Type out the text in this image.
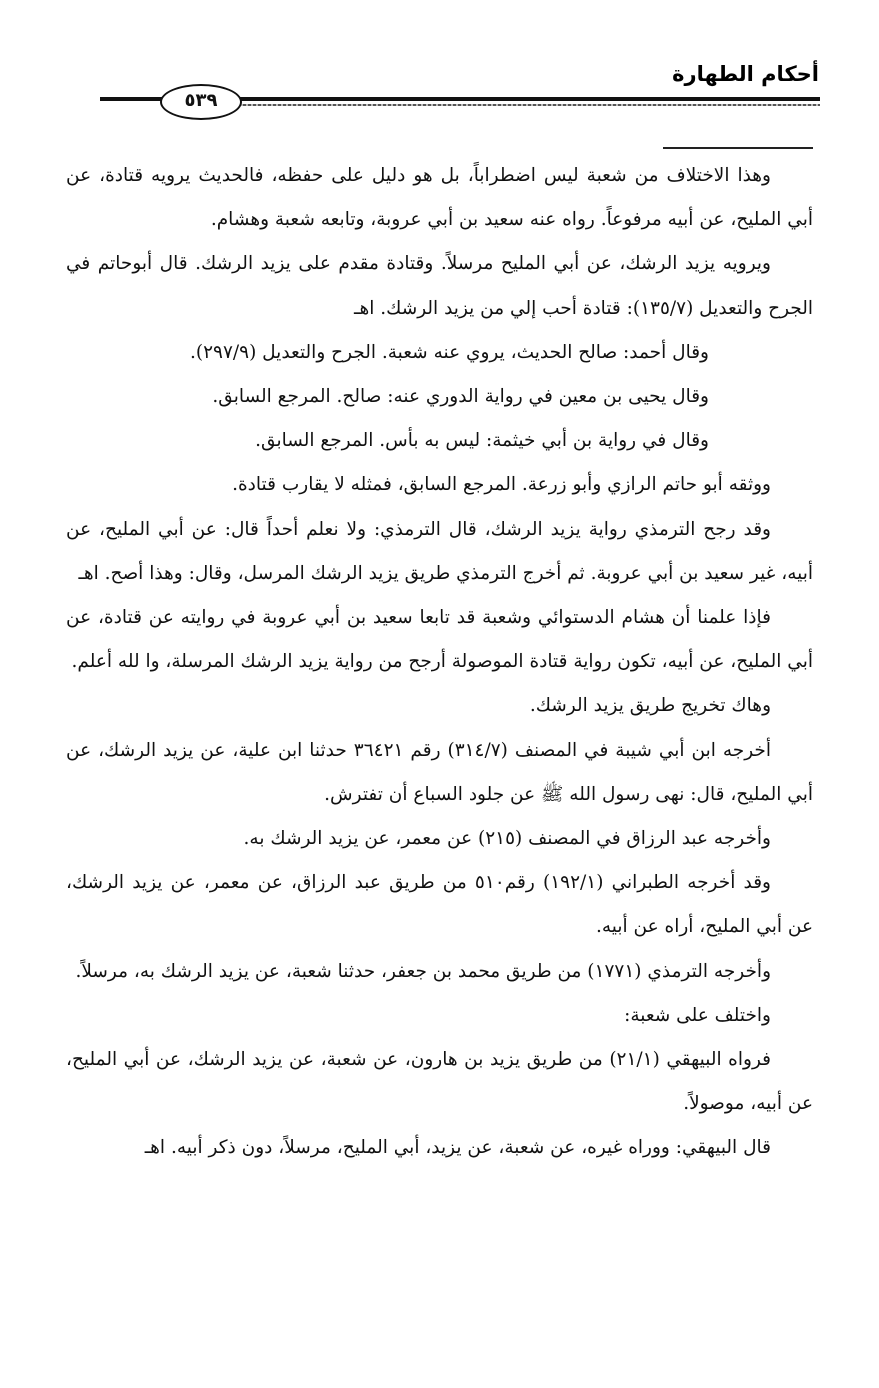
أحكام الطهارة
٥٣٩

وهذا الاختلاف من شعبة ليس اضطراباً، بل هو دليل على حفظه، فالحديث يرويه قتادة، عن أبي المليح، عن أبيه مرفوعاً. رواه عنه سعيد بن أبي عروبة، وتابعه شعبة وهشام.

ويرويه يزيد الرشك، عن أبي المليح مرسلاً. وقتادة مقدم على يزيد الرشك. قال أبوحاتم في الجرح والتعديل (١٣٥/٧): قتادة أحب إلي من يزيد الرشك. اهـ

وقال أحمد: صالح الحديث، يروي عنه شعبة. الجرح والتعديل (٢٩٧/٩).

وقال يحيى بن معين في رواية الدوري عنه: صالح. المرجع السابق.

وقال في رواية بن أبي خيثمة: ليس به بأس. المرجع السابق.

ووثقه أبو حاتم الرازي وأبو زرعة. المرجع السابق، فمثله لا يقارب قتادة.

وقد رجح الترمذي رواية يزيد الرشك، قال الترمذي: ولا نعلم أحداً قال: عن أبي المليح، عن أبيه، غير سعيد بن أبي عروبة. ثم أخرج الترمذي طريق يزيد الرشك المرسل، وقال: وهذا أصح. اهـ

فإذا علمنا أن هشام الدستوائي وشعبة قد تابعا سعيد بن أبي عروبة في روايته عن قتادة، عن أبي المليح، عن أبيه، تكون رواية قتادة الموصولة أرجح من رواية يزيد الرشك المرسلة، وا لله أعلم.

وهاك تخريج طريق يزيد الرشك.

أخرجه ابن أبي شيبة في المصنف (٣١٤/٧) رقم ٣٦٤٢١ حدثنا ابن علية، عن يزيد الرشك، عن أبي المليح، قال: نهى رسول الله ﷺ عن جلود السباع أن تفترش.

وأخرجه عبد الرزاق في المصنف (٢١٥) عن معمر، عن يزيد الرشك به.

وقد أخرجه الطبراني (١٩٢/١) رقم٥١٠ من طريق عبد الرزاق، عن معمر، عن يزيد الرشك، عن أبي المليح، أراه عن أبيه.

وأخرجه الترمذي (١٧٧١) من طريق محمد بن جعفر، حدثنا شعبة، عن يزيد الرشك به، مرسلاً.

واختلف على شعبة:

فرواه البيهقي (٢١/١) من طريق يزيد بن هارون، عن شعبة، عن يزيد الرشك، عن أبي المليح، عن أبيه، موصولاً.

قال البيهقي: ووراه غيره، عن شعبة، عن يزيد، أبي المليح، مرسلاً، دون ذكر أبيه. اهـ
